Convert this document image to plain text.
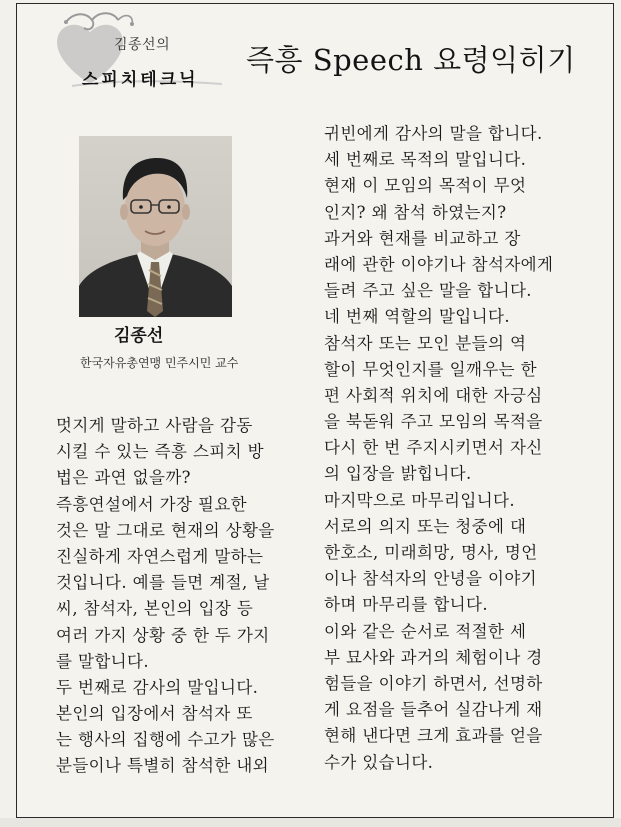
김종선의
스피치테크닉
즉흥 Speech 요령익히기
김종선
한국자유총연맹 민주시민 교수
멋지게 말하고 사람을 감동
시킬 수 있는 즉흥 스피치 방
법은 과연 없을까?
즉흥연설에서 가장 필요한
것은 말 그대로 현재의 상황을
진실하게 자연스럽게 말하는
것입니다. 예를 들면 계절, 날
씨, 참석자, 본인의 입장 등
여러 가지 상황 중 한 두 가지
를 말합니다.
두 번째로 감사의 말입니다.
본인의 입장에서 참석자 또
는 행사의 집행에 수고가 많은
분들이나 특별히 참석한 내외
귀빈에게 감사의 말을 합니다.
세 번째로 목적의 말입니다.
현재 이 모임의 목적이 무엇
인지? 왜 참석 하였는지?
과거와 현재를 비교하고 장
래에 관한 이야기나 참석자에게
들려 주고 싶은 말을 합니다.
네 번째 역할의 말입니다.
참석자 또는 모인 분들의 역
할이 무엇인지를 일깨우는 한
편 사회적 위치에 대한 자긍심
을 북돋워 주고 모임의 목적을
다시 한 번 주지시키면서 자신
의 입장을 밝힙니다.
마지막으로 마무리입니다.
서로의 의지 또는 청중에 대
한호소, 미래희망, 명사, 명언
이나 참석자의 안녕을 이야기
하며 마무리를 합니다.
이와 같은 순서로 적절한 세
부 묘사와 과거의 체험이나 경
험들을 이야기 하면서, 선명하
게 요점을 들추어 실감나게 재
현해 낸다면 크게 효과를 얻을
수가 있습니다.
